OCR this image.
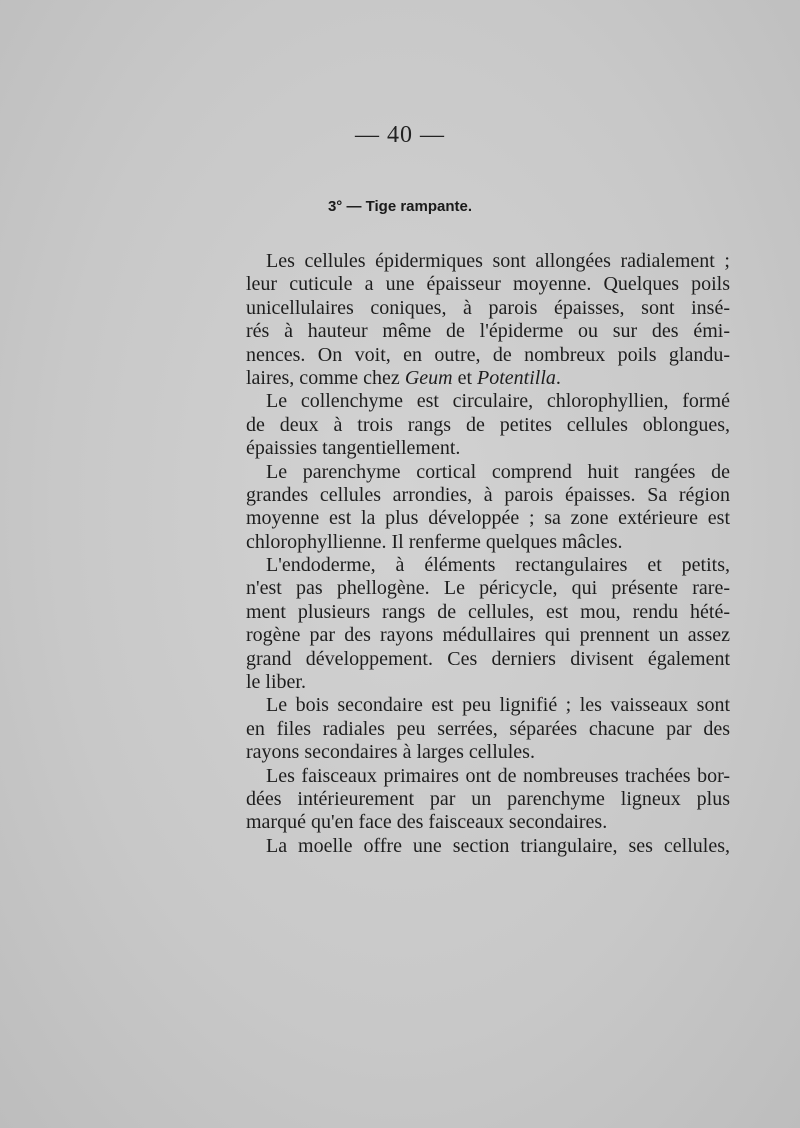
— 40 —
3° — Tige rampante.

Les cellules épidermiques sont allongées radialement ;
leur cuticule a une épaisseur moyenne. Quelques poils
unicellulaires coniques, à parois épaisses, sont insé-
rés à hauteur même de l'épiderme ou sur des émi-
nences. On voit, en outre, de nombreux poils glandu-
laires, comme chez Geum et Potentilla.

Le collenchyme est circulaire, chlorophyllien, formé
de deux à trois rangs de petites cellules oblongues,
épaissies tangentiellement.

Le parenchyme cortical comprend huit rangées de
grandes cellules arrondies, à parois épaisses. Sa région
moyenne est la plus développée ; sa zone extérieure est
chlorophyllienne. Il renferme quelques mâcles.

L'endoderme, à éléments rectangulaires et petits,
n'est pas phellogène. Le péricycle, qui présente rare-
ment plusieurs rangs de cellules, est mou, rendu hété-
rogène par des rayons médullaires qui prennent un assez
grand développement. Ces derniers divisent également
le liber.

Le bois secondaire est peu lignifié ; les vaisseaux sont
en files radiales peu serrées, séparées chacune par des
rayons secondaires à larges cellules.

Les faisceaux primaires ont de nombreuses trachées bor-
dées intérieurement par un parenchyme ligneux plus
marqué qu'en face des faisceaux secondaires.

La moelle offre une section triangulaire, ses cellules,
